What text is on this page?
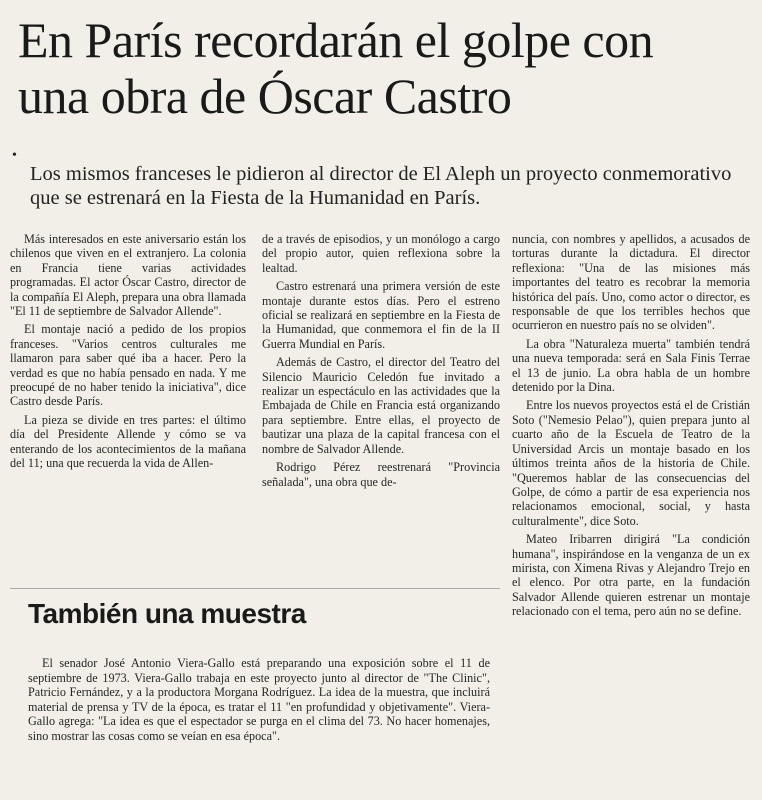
En París recordarán el golpe con una obra de Óscar Castro
•

Los mismos franceses le pidieron al director de El Aleph un proyecto conmemorativo que se estrenará en la Fiesta de la Humanidad en París.

Más interesados en este aniversario están los chilenos que viven en el extranjero. La colonia en Francia tiene varias actividades programadas. El actor Óscar Castro, director de la compañía El Aleph, prepara una obra llamada "El 11 de septiembre de Salvador Allende".

El montaje nació a pedido de los propios franceses. "Varios centros culturales me llamaron para saber qué iba a hacer. Pero la verdad es que no había pensado en nada. Y me preocupé de no haber tenido la iniciativa", dice Castro desde París.

La pieza se divide en tres partes: el último día del Presidente Allende y cómo se va enterando de los acontecimientos de la mañana del 11; una que recuerda la vida de Allen-

de a través de episodios, y un monólogo a cargo del propio autor, quien reflexiona sobre la lealtad.

Castro estrenará una primera versión de este montaje durante estos días. Pero el estreno oficial se realizará en septiembre en la Fiesta de la Humanidad, que conmemora el fin de la II Guerra Mundial en París.

Además de Castro, el director del Teatro del Silencio Mauricio Celedón fue invitado a realizar un espectáculo en las actividades que la Embajada de Chile en Francia está organizando para septiembre. Entre ellas, el proyecto de bautizar una plaza de la capital francesa con el nombre de Salvador Allende.

Rodrigo Pérez reestrenará "Provincia señalada", una obra que de-

nuncia, con nombres y apellidos, a acusados de torturas durante la dictadura. El director reflexiona: "Una de las misiones más importantes del teatro es recobrar la memoria histórica del país. Uno, como actor o director, es responsable de que los terribles hechos que ocurrieron en nuestro país no se olviden".

La obra "Naturaleza muerta" también tendrá una nueva temporada: será en Sala Finis Terrae el 13 de junio. La obra habla de un hombre detenido por la Dina.

Entre los nuevos proyectos está el de Cristián Soto ("Nemesio Pelao"), quien prepara junto al cuarto año de la Escuela de Teatro de la Universidad Arcis un montaje basado en los últimos treinta años de la historia de Chile. "Queremos hablar de las consecuencias del Golpe, de cómo a partir de esa experiencia nos relacionamos emocional, social, y hasta culturalmente", dice Soto.

Mateo Iribarren dirigirá "La condición humana", inspirándose en la venganza de un ex mirista, con Ximena Rivas y Alejandro Trejo en el elenco. Por otra parte, en la fundación Salvador Allende quieren estrenar un montaje relacionado con el tema, pero aún no se define.

También una muestra

El senador José Antonio Viera-Gallo está preparando una exposición sobre el 11 de septiembre de 1973. Viera-Gallo trabaja en este proyecto junto al director de "The Clinic", Patricio Fernández, y a la productora Morgana Rodríguez. La idea de la muestra, que incluirá material de prensa y TV de la época, es tratar el 11 "en profundidad y objetivamente". Viera-Gallo agrega: "La idea es que el espectador se purga en el clima del 73. No hacer homenajes, sino mostrar las cosas como se veían en esa época".
